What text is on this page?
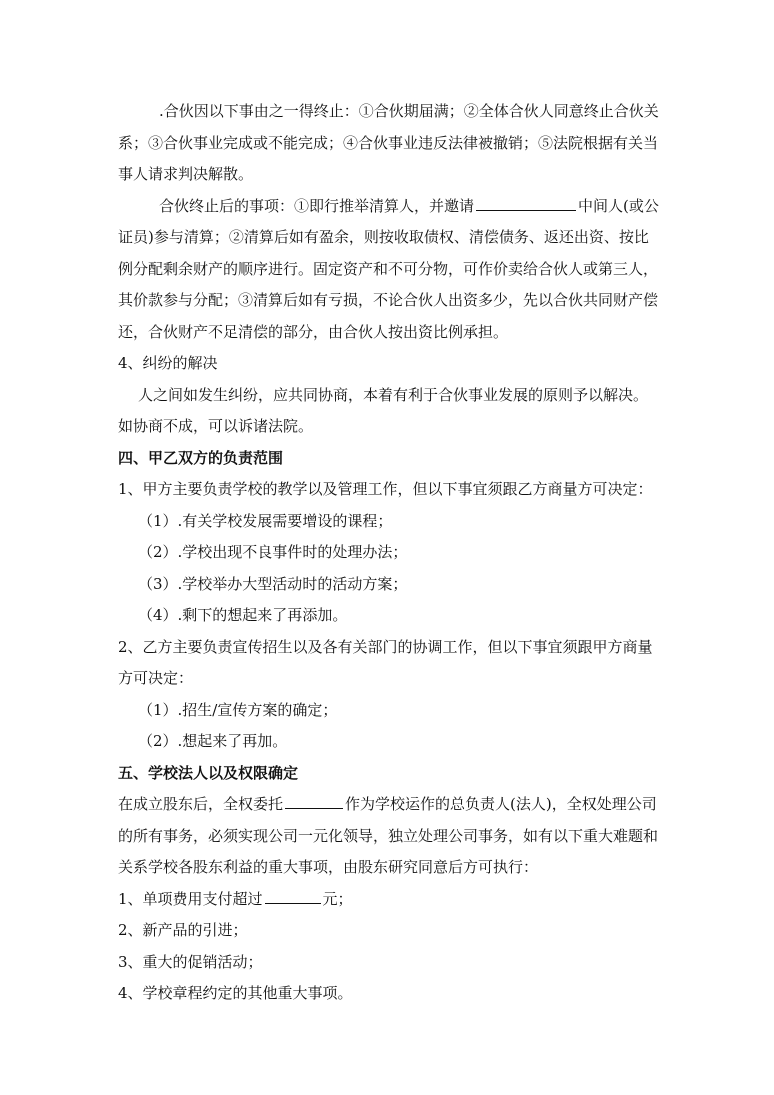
.合伙因以下事由之一得终止：①合伙期届满；②全体合伙人同意终止合伙关系；③合伙事业完成或不能完成；④合伙事业违反法律被撤销；⑤法院根据有关当事人请求判决解散。

合伙终止后的事项：①即行推举清算人，并邀请	中间人(或公证员)参与清算；②清算后如有盈余，则按收取债权、清偿债务、返还出资、按比例分配剩余财产的顺序进行。固定资产和不可分物，可作价卖给合伙人或第三人，其价款参与分配；③清算后如有亏损，不论合伙人出资多少，先以合伙共同财产偿还，合伙财产不足清偿的部分，由合伙人按出资比例承担。

4、纠纷的解决

人之间如发生纠纷，应共同协商，本着有利于合伙事业发展的原则予以解决。如协商不成，可以诉诸法院。

四、甲乙双方的负责范围

1、甲方主要负责学校的教学以及管理工作，但以下事宜须跟乙方商量方可决定：

（1）.有关学校发展需要增设的课程；

（2）.学校出现不良事件时的处理办法；

（3）.学校举办大型活动时的活动方案；

（4）.剩下的想起来了再添加。

2、乙方主要负责宣传招生以及各有关部门的协调工作，但以下事宜须跟甲方商量方可决定：

（1）.招生/宣传方案的确定；

（2）.想起来了再加。

五、学校法人以及权限确定

在成立股东后，全权委托	作为学校运作的总负责人(法人)，全权处理公司的所有事务，必须实现公司一元化领导，独立处理公司事务，如有以下重大难题和关系学校各股东利益的重大事项，由股东研究同意后方可执行：

1、单项费用支付超过	元；

2、新产品的引进；

3、重大的促销活动；

4、学校章程约定的其他重大事项。
